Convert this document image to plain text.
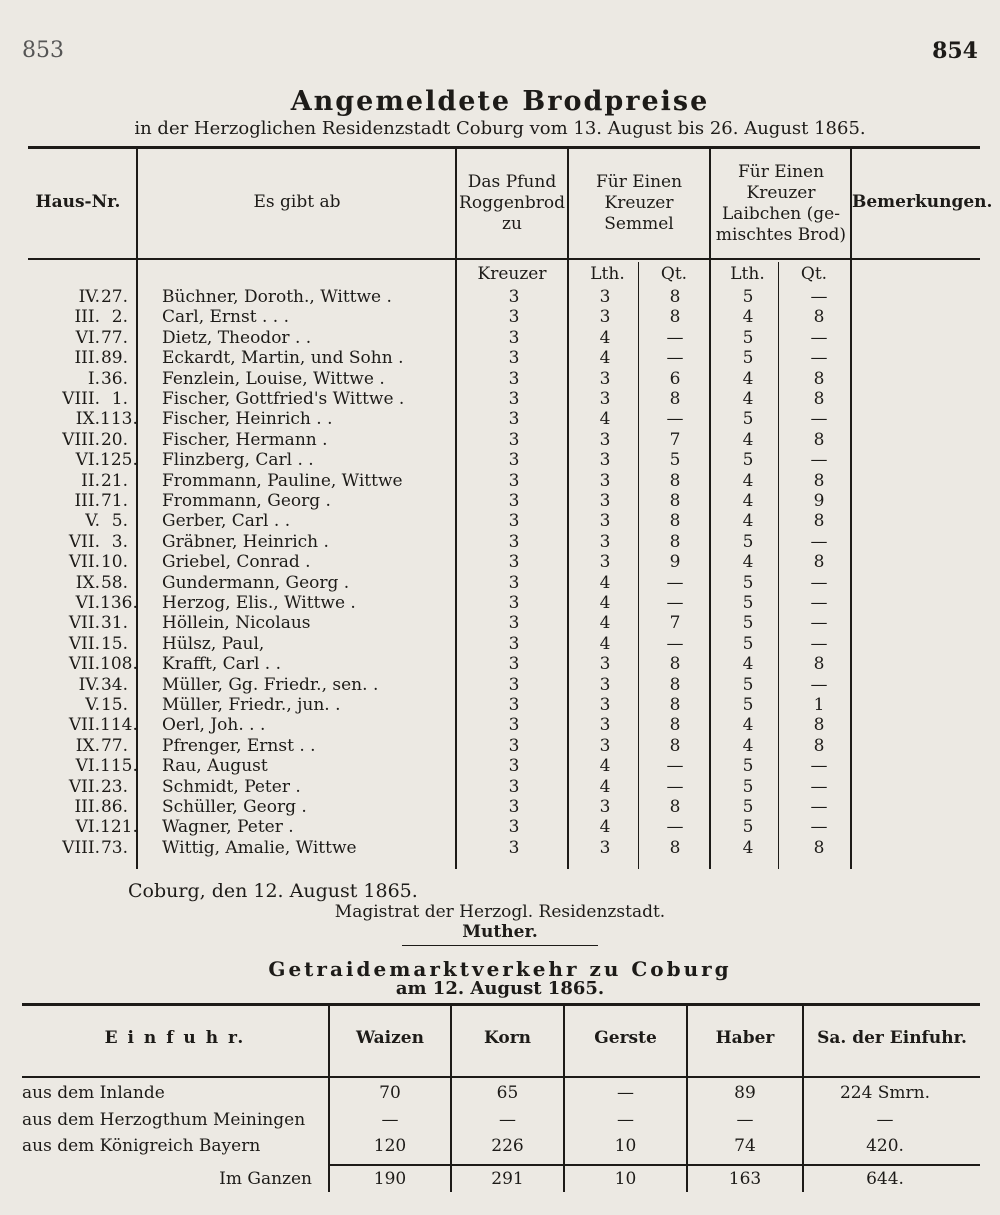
853	854
Angemeldete Brodpreise
in der Herzoglichen Residenzstadt Coburg vom 13. August bis 26. August 1865.
Haus-Nr.	Es gibt ab
Das Pfund
Roggenbrod
zu
Für Einen
Kreuzer
Semmel
Für Einen
Kreuzer
Laibchen (ge-
mischtes Brod)
Bemerkungen.
Kreuzer	Lth.	Qt.	Lth.	Qt.
IV. 27. Büchner, Doroth., Wittwe .	3	3	8	5	—
III. 2. Carl, Ernst . . .	3	3	8	4	8
VI. 77. Dietz, Theodor . .	3	4	—	5	—
III. 89. Eckardt, Martin, und Sohn .	3	4	—	5	—
I. 36. Fenzlein, Louise, Wittwe .	3	3	6	4	8
VIII. 1. Fischer, Gottfried's Wittwe .	3	3	8	4	8
IX. 113. Fischer, Heinrich . .	3	4	—	5	—
VIII. 20. Fischer, Hermann .	3	3	7	4	8
VI. 125. Flinzberg, Carl . .	3	3	5	5	—
II. 21. Frommann, Pauline, Wittwe	3	3	8	4	8
III. 71. Frommann, Georg .	3	3	8	4	9
V. 5. Gerber, Carl . .	3	3	8	4	8
VII. 3. Gräbner, Heinrich .	3	3	8	5	—
VII. 10. Griebel, Conrad .	3	3	9	4	8
IX. 58. Gundermann, Georg .	3	4	—	5	—
VI. 136. Herzog, Elis., Wittwe .	3	4	—	5	—
VII. 31. Höllein, Nicolaus	3	4	7	5	—
VII. 15. Hülsz, Paul,	3	4	—	5	—
VII. 108. Krafft, Carl . .	3	3	8	4	8
IV. 34. Müller, Gg. Friedr., sen. .	3	3	8	5	—
V. 15. Müller, Friedr., jun. .	3	3	8	5	1
VII. 114. Oerl, Joh. . .	3	3	8	4	8
IX. 77. Pfrenger, Ernst . .	3	3	8	4	8
VI. 115. Rau, August	3	4	—	5	—
VII. 23. Schmidt, Peter .	3	4	—	5	—
III. 86. Schüller, Georg .	3	3	8	5	—
VI. 121. Wagner, Peter .	3	4	—	5	—
VIII. 73. Wittig, Amalie, Wittwe	3	3	8	4	8
Coburg, den 12. August 1865.
Magistrat der Herzogl. Residenzstadt.
Muther.
Getraidemarktverkehr zu Coburg
am 12. August 1865.
E i n f u h r.	Waizen	Korn	Gerste	Haber	Sa. der Einfuhr.
aus dem Inlande	70	65	—	89	224 Smrn.
aus dem Herzogthum Meiningen	—	—	—	—	—
aus dem Königreich Bayern	120	226	10	74	420.
Im Ganzen	190	291	10	163	644.
